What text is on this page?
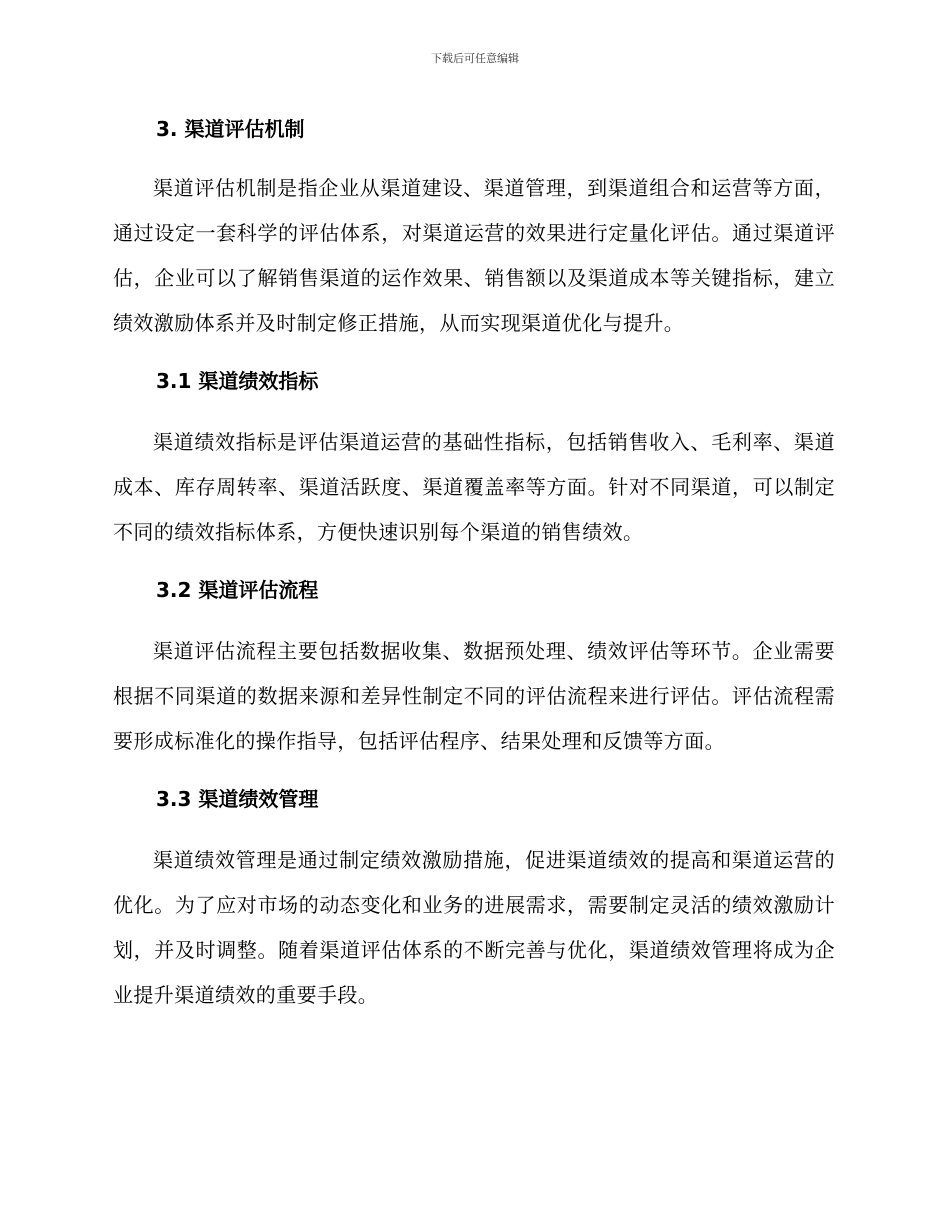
下载后可任意编辑
3. 渠道评估机制

渠道评估机制是指企业从渠道建设、渠道管理，到渠道组合和运营等方面，通过设定一套科学的评估体系，对渠道运营的效果进行定量化评估。通过渠道评估，企业可以了解销售渠道的运作效果、销售额以及渠道成本等关键指标，建立绩效激励体系并及时制定修正措施，从而实现渠道优化与提升。

3.1 渠道绩效指标

渠道绩效指标是评估渠道运营的基础性指标，包括销售收入、毛利率、渠道成本、库存周转率、渠道活跃度、渠道覆盖率等方面。针对不同渠道，可以制定不同的绩效指标体系，方便快速识别每个渠道的销售绩效。

3.2 渠道评估流程

渠道评估流程主要包括数据收集、数据预处理、绩效评估等环节。企业需要根据不同渠道的数据来源和差异性制定不同的评估流程来进行评估。评估流程需要形成标准化的操作指导，包括评估程序、结果处理和反馈等方面。

3.3 渠道绩效管理

渠道绩效管理是通过制定绩效激励措施，促进渠道绩效的提高和渠道运营的优化。为了应对市场的动态变化和业务的进展需求，需要制定灵活的绩效激励计划，并及时调整。随着渠道评估体系的不断完善与优化，渠道绩效管理将成为企业提升渠道绩效的重要手段。
